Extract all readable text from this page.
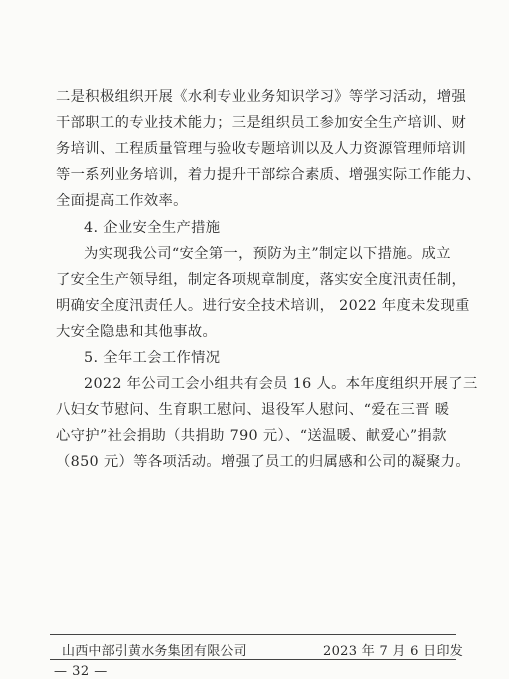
二是积极组织开展《水利专业业务知识学习》等学习活动，增强
干部职工的专业技术能力；三是组织员工参加安全生产培训、财
务培训、工程质量管理与验收专题培训以及人力资源管理师培训
等一系列业务培训，着力提升干部综合素质、增强实际工作能力、
全面提高工作效率。
4. 企业安全生产措施
为实现我公司“安全第一，预防为主”制定以下措施。成立
了安全生产领导组，制定各项规章制度，落实安全度汛责任制，
明确安全度汛责任人。进行安全技术培训， 2022 年度未发现重
大安全隐患和其他事故。
5. 全年工会工作情况
2022 年公司工会小组共有会员 16 人。本年度组织开展了三
八妇女节慰问、生育职工慰问、退役军人慰问、“爱在三晋 暖
心守护”社会捐助（共捐助 790 元）、“送温暖、献爱心”捐款
（850 元）等各项活动。增强了员工的归属感和公司的凝聚力。
山西中部引黄水务集团有限公司	2023 年 7 月 6 日印发
— 32 —
